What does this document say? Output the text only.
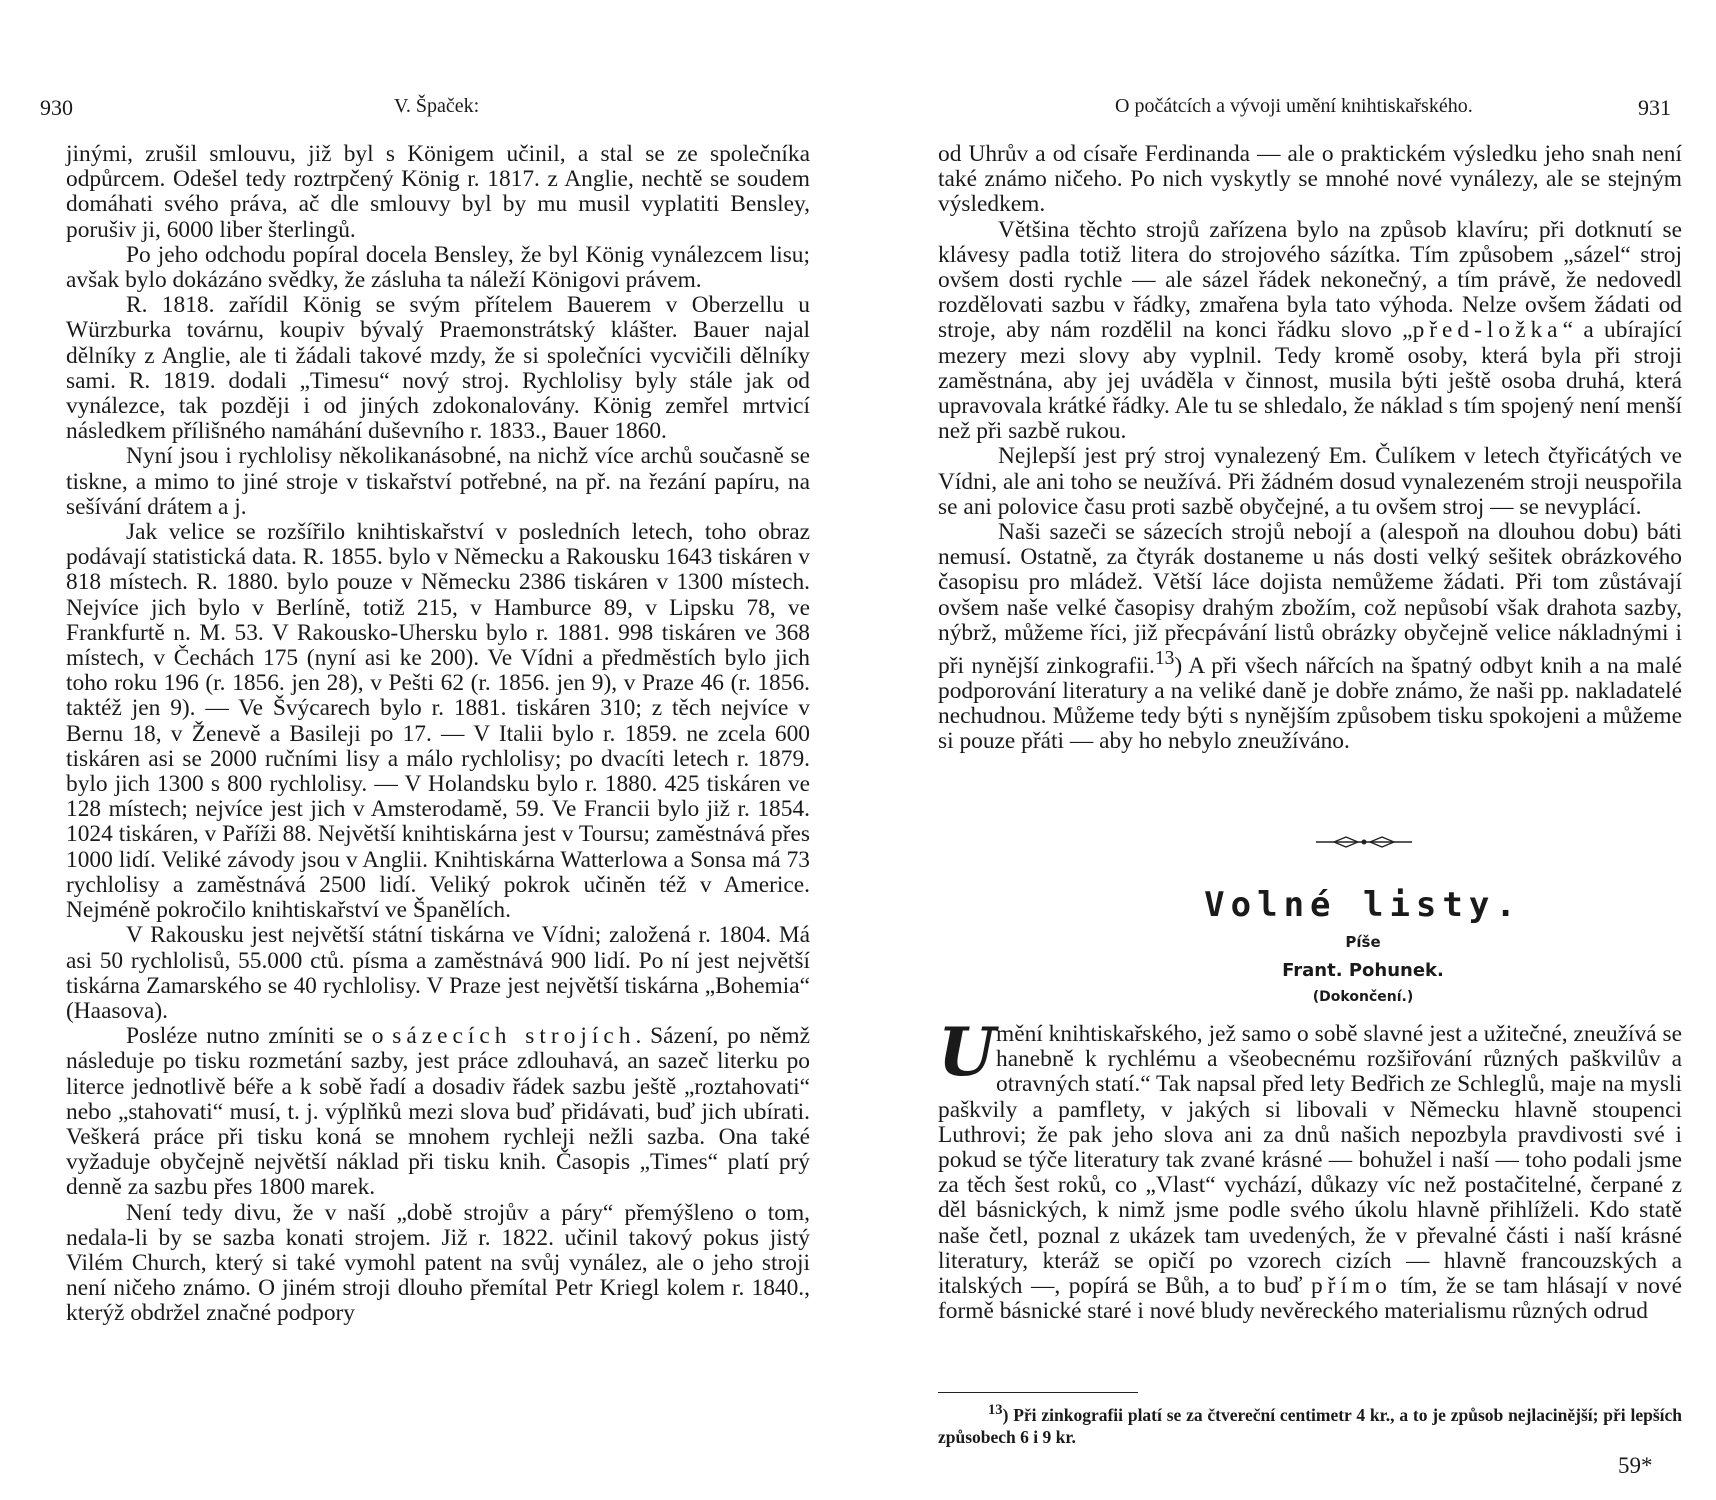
930	V. Špaček:

jinými, zrušil smlouvu, již byl s Königem učinil, a stal se ze společníka odpůrcem. Odešel tedy roztrpčený König r. 1817. z Anglie, nechtě se soudem domáhati svého práva, ač dle smlouvy byl by mu musil vyplatiti Bensley, porušiv ji, 6000 liber šterlingů.

Po jeho odchodu popíral docela Bensley, že byl König vynálezcem lisu; avšak bylo dokázáno svědky, že zásluha ta náleží Königovi právem.

R. 1818. zařídil König se svým přítelem Bauerem v Oberzellu u Würzburka továrnu, koupiv bývalý Praemonstrátský klášter. Bauer najal dělníky z Anglie, ale ti žádali takové mzdy, že si společníci vycvičili dělníky sami. R. 1819. dodali „Timesu“ nový stroj. Rychlolisy byly stále jak od vynálezce, tak později i od jiných zdokonalovány. König zemřel mrtvicí následkem přílišného namáhání duševního r. 1833., Bauer 1860.

Nyní jsou i rychlolisy několikanásobné, na nichž více archů současně se tiskne, a mimo to jiné stroje v tiskařství potřebné, na př. na řezání papíru, na sešívání drátem a j.

Jak velice se rozšířilo knihtiskařství v posledních letech, toho obraz podávají statistická data. R. 1855. bylo v Německu a Rakousku 1643 tiskáren v 818 místech. R. 1880. bylo pouze v Německu 2386 tiskáren v 1300 místech. Nejvíce jich bylo v Berlíně, totiž 215, v Hamburce 89, v Lipsku 78, ve Frankfurtě n. M. 53. V Rakousko-Uhersku bylo r. 1881. 998 tiskáren ve 368 místech, v Čechách 175 (nyní asi ke 200). Ve Vídni a předměstích bylo jich toho roku 196 (r. 1856. jen 28), v Pešti 62 (r. 1856. jen 9), v Praze 46 (r. 1856. taktéž jen 9). — Ve Švýcarech bylo r. 1881. tiskáren 310; z těch nejvíce v Bernu 18, v Ženevě a Basileji po 17. — V Italii bylo r. 1859. ne zcela 600 tiskáren asi se 2000 ručními lisy a málo rychlolisy; po dvacíti letech r. 1879. bylo jich 1300 s 800 rychlolisy. — V Holandsku bylo r. 1880. 425 tiskáren ve 128 místech; nejvíce jest jich v Amsterodamě, 59. Ve Francii bylo již r. 1854. 1024 tiskáren, v Paříži 88. Největší knihtiskárna jest v Toursu; zaměstnává přes 1000 lidí. Veliké závody jsou v Anglii. Knihtiskárna Watterlowa a Sonsa má 73 rychlolisy a zaměstnává 2500 lidí. Veliký pokrok učiněn též v Americe. Nejméně pokročilo knihtiskařství ve Španělích.

V Rakousku jest největší státní tiskárna ve Vídni; založená r. 1804. Má asi 50 rychlolisů, 55.000 ctů. písma a zaměstnává 900 lidí. Po ní jest největší tiskárna Zamarského se 40 rychlolisy. V Praze jest největší tiskárna „Bohemia“ (Haasova).

Posléze nutno zmíniti se o sázecích strojích. Sázení, po němž následuje po tisku rozmetání sazby, jest práce zdlouhavá, an sazeč literku po literce jednotlivě béře a k sobě řadí a dosadiv řádek sazbu ještě „roztahovati“ nebo „stahovati“ musí, t. j. výplňků mezi slova buď přidávati, buď jich ubírati. Veškerá práce při tisku koná se mnohem rychleji nežli sazba. Ona také vyžaduje obyčejně největší náklad při tisku knih. Časopis „Times“ platí prý denně za sazbu přes 1800 marek.

Není tedy divu, že v naší „době strojův a páry“ přemýšleno o tom, nedala-li by se sazba konati strojem. Již r. 1822. učinil takový pokus jistý Vilém Church, který si také vymohl patent na svůj vynález, ale o jeho stroji není ničeho známo. O jiném stroji dlouho přemítal Petr Kriegl kolem r. 1840., kterýž obdržel značné podpory

O počátcích a vývoji umění knihtiskařského.	931

od Uhrův a od císaře Ferdinanda — ale o praktickém výsledku jeho snah není také známo ničeho. Po nich vyskytly se mnohé nové vynálezy, ale se stejným výsledkem.

Většina těchto strojů zařízena bylo na způsob klavíru; při dotknutí se klávesy padla totiž litera do strojového sázítka. Tím způsobem „sázel“ stroj ovšem dosti rychle — ale sázel řádek nekonečný, a tím právě, že nedovedl rozdělovati sazbu v řádky, zmařena byla tato výhoda. Nelze ovšem žádati od stroje, aby nám rozdělil na konci řádku slovo „před-ložka“ a ubírající mezery mezi slovy aby vyplnil. Tedy kromě osoby, která byla při stroji zaměstnána, aby jej uváděla v činnost, musila býti ještě osoba druhá, která upravovala krátké řádky. Ale tu se shledalo, že náklad s tím spojený není menší než při sazbě rukou.

Nejlepší jest prý stroj vynalezený Em. Čulíkem v letech čtyřicátých ve Vídni, ale ani toho se neužívá. Při žádném dosud vynalezeném stroji neuspořila se ani polovice času proti sazbě obyčejné, a tu ovšem stroj — se nevyplácí.

Naši sazeči se sázecích strojů nebojí a (alespoň na dlouhou dobu) báti nemusí. Ostatně, za čtyrák dostaneme u nás dosti velký sešitek obrázkového časopisu pro mládež. Větší láce dojista nemůžeme žádati. Při tom zůstávají ovšem naše velké časopisy drahým zbožím, což nepůsobí však drahota sazby, nýbrž, můžeme říci, již přecpávání listů obrázky obyčejně velice nákladnými i při nynější zinkografii.$^{13}$) A při všech nářcích na špatný odbyt knih a na malé podporování literatury a na veliké daně je dobře známo, že naši pp. nakladatelé nechudnou. Můžeme tedy býti s nynějším způsobem tisku spokojeni a můžeme si pouze přáti — aby ho nebylo zneužíváno.

Volné listy.
Píše
Frant. Pohunek.
(Dokončení.)
U mění knihtiskařského, jež samo o sobě slavné jest a užitečné, zneužívá se hanebně k rychlému a všeobecnému rozšiřování různých paškvilův a otravných statí.“ Tak napsal před lety Bedřich ze Schleglů, maje na mysli paškvily a pamflety, v jakých si libovali v Německu hlavně stoupenci Luthrovi; že pak jeho slova ani za dnů našich nepozbyla pravdivosti své i pokud se týče literatury tak zvané krásné — bohužel i naší — toho podali jsme za těch šest roků, co „Vlast“ vychází, důkazy víc než postačitelné, čerpané z děl básnických, k nimž jsme podle svého úkolu hlavně přihlíželi. Kdo statě naše četl, poznal z ukázek tam uvedených, že v převalné části i naší krásné literatury, kteráž se opičí po vzorech cizích — hlavně francouzských a italských —, popírá se Bůh, a to buď přímo tím, že se tam hlásají v nové formě básnické staré i nové bludy nevěreckého materialismu různých odrud

$^{13}$) Při zinkografii platí se za čtvereční centimetr 4 kr., a to je způsob nejlacinější; při lepších způsobech 6 i 9 kr.

59*
